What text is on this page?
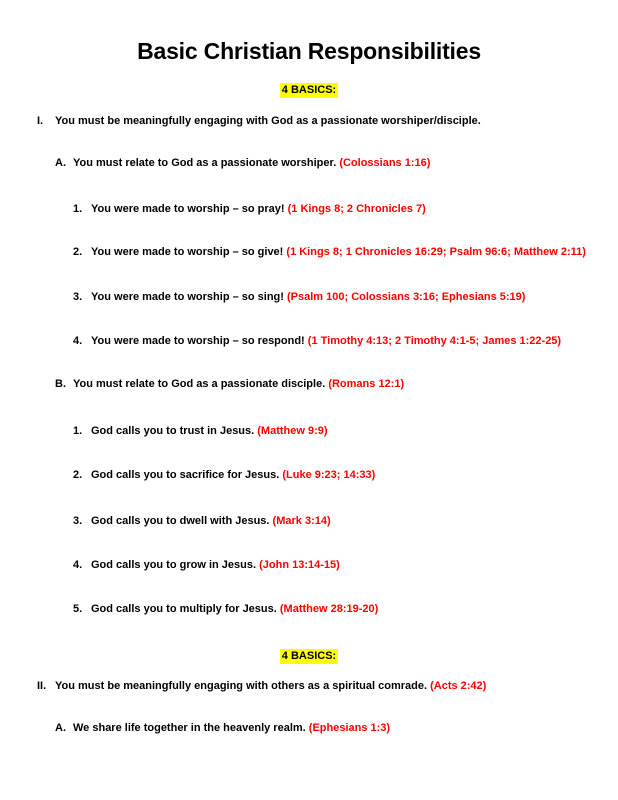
Basic Christian Responsibilities
4 BASICS:
I. You must be meaningfully engaging with God as a passionate worshiper/disciple.
A. You must relate to God as a passionate worshiper. (Colossians 1:16)
1. You were made to worship – so pray! (1 Kings 8; 2 Chronicles 7)
2. You were made to worship – so give! (1 Kings 8; 1 Chronicles 16:29; Psalm 96:6; Matthew 2:11)
3. You were made to worship – so sing! (Psalm 100; Colossians 3:16; Ephesians 5:19)
4. You were made to worship – so respond! (1 Timothy 4:13; 2 Timothy 4:1-5; James 1:22-25)
B. You must relate to God as a passionate disciple. (Romans 12:1)
1. God calls you to trust in Jesus. (Matthew 9:9)
2. God calls you to sacrifice for Jesus. (Luke 9:23; 14:33)
3. God calls you to dwell with Jesus. (Mark 3:14)
4. God calls you to grow in Jesus. (John 13:14-15)
5. God calls you to multiply for Jesus. (Matthew 28:19-20)
4 BASICS:
II. You must be meaningfully engaging with others as a spiritual comrade. (Acts 2:42)
A. We share life together in the heavenly realm. (Ephesians 1:3)
